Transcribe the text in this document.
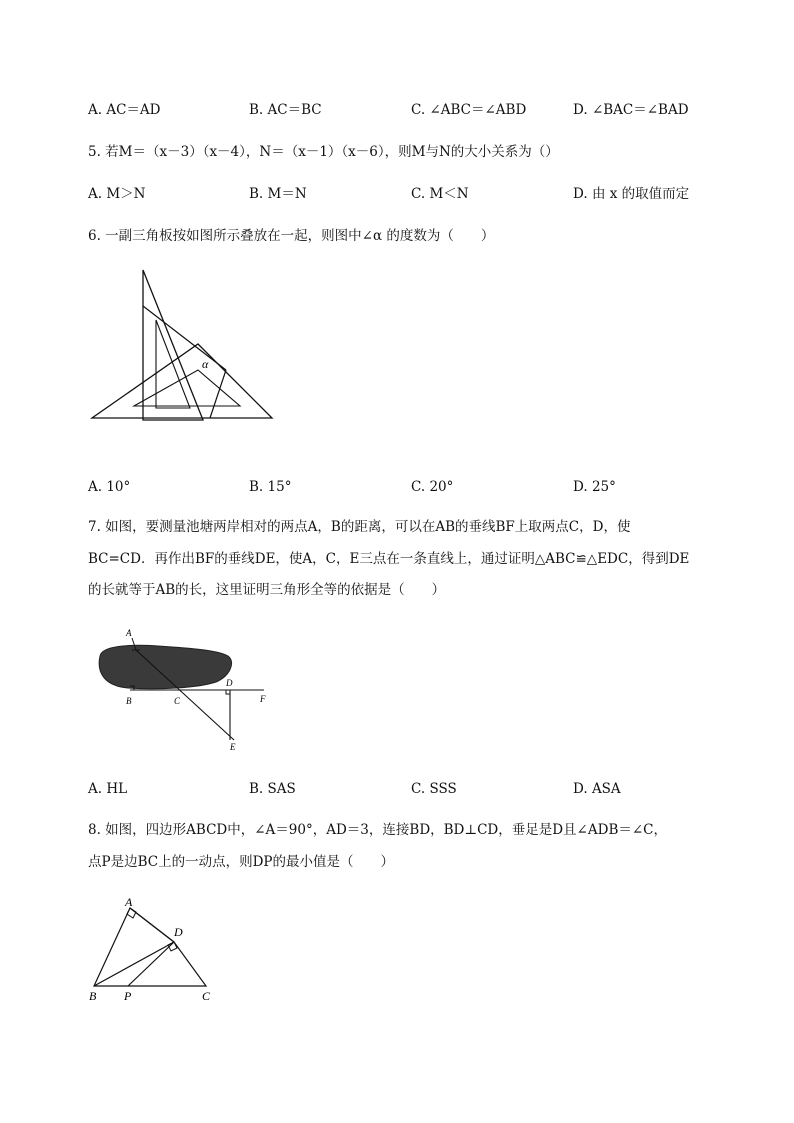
A. AC＝AD	B. AC＝BC	C. ∠ABC＝∠ABD	D. ∠BAC＝∠BAD
5. 若M＝（x－3）（x－4），N＝（x－1）（x－6），则M与N的大小关系为（）
A. M＞N	B. M＝N	C. M＜N	D. 由 x 的取值而定
6. 一副三角板按如图所示叠放在一起，则图中∠α 的度数为（　　）
α
A. 10°	B. 15°	C. 20°	D. 25°
7. 如图，要测量池塘两岸相对的两点A，B的距离，可以在AB的垂线BF上取两点C，D，使
BC=CD．再作出BF的垂线DE，使A，C，E三点在一条直线上，通过证明△ABC≌△EDC，得到DE
的长就等于AB的长，这里证明三角形全等的依据是（　　）
A
B	C
D
E
F
A. HL	B. SAS	C. SSS	D. ASA
8. 如图，四边形ABCD中，∠A＝90°，AD＝3，连接BD，BD⊥CD，垂足是D且∠ADB＝∠C，
点P是边BC上的一动点，则DP的最小值是（　　）
A
D
B P	C
